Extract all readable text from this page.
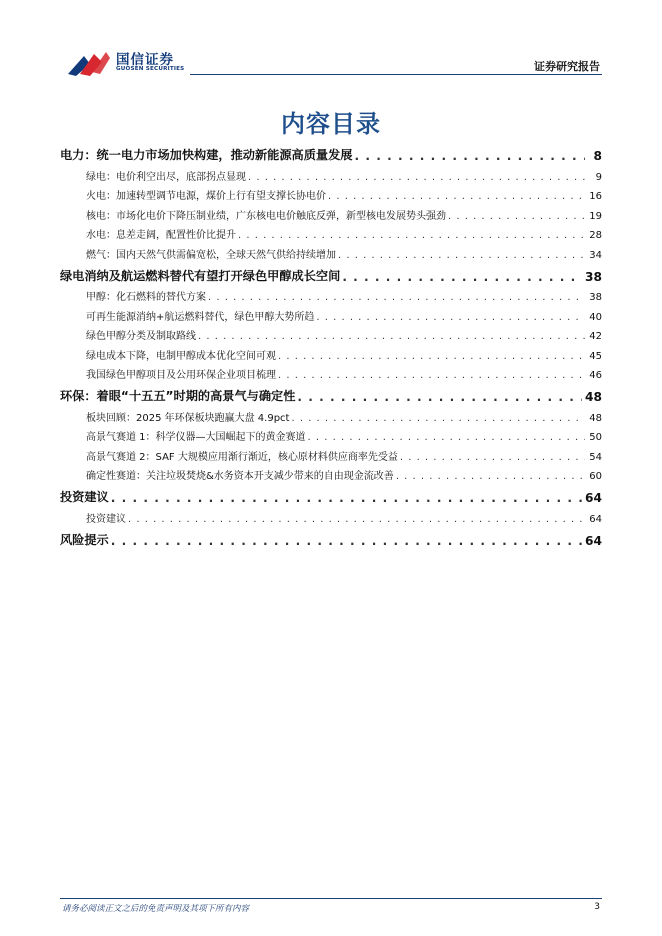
国信证券
GUOSEN SECURITIES	证券研究报告
内容目录
电力：统一电力市场加快构建，推动新能源高质量发展 . . .	8
绿电：电价利空出尽，底部拐点显现 . . .	9
火电：加速转型调节电源，煤价上行有望支撑长协电价 . . .	16
核电：市场化电价下降压制业绩，广东核电电价触底反弹，新型核电发展势头强劲 . . .	19
水电：息差走阔，配置性价比提升 . . .	28
燃气：国内天然气供需偏宽松，全球天然气供给持续增加 . . .	34
绿电消纳及航运燃料替代有望打开绿色甲醇成长空间 . . .	38
甲醇：化石燃料的替代方案 . . .	38
可再生能源消纳+航运燃料替代，绿色甲醇大势所趋 . . .	40
绿色甲醇分类及制取路线 . . .	42
绿电成本下降，电制甲醇成本优化空间可观 . . .	45
我国绿色甲醇项目及公用环保企业项目梳理 . . .	46
环保：着眼“十五五”时期的高景气与确定性 . . .	48
板块回顾：2025 年环保板块跑赢大盘 4.9pct . . .	48
高景气赛道 1：科学仪器—大国崛起下的黄金赛道 . . .	50
高景气赛道 2：SAF 大规模应用渐行渐近，核心原材料供应商率先受益 . . .	54
确定性赛道：关注垃圾焚烧&水务资本开支减少带来的自由现金流改善 . . .	60
投资建议 . . .	64
投资建议 . . .	64
风险提示 . . .	64
请务必阅读正文之后的免责声明及其项下所有内容	3
